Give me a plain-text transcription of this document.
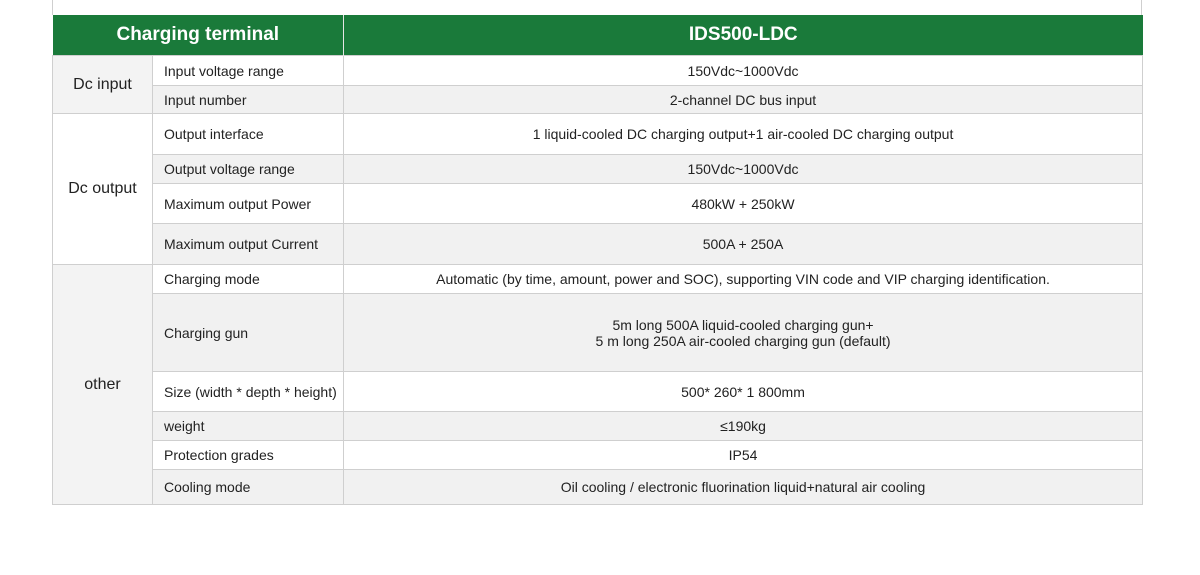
Charging terminal		IDS500-LDC
Dc input	Input voltage range	150Vdc~1000Vdc
	Input number	2-channel DC bus input
Dc output	Output interface	1 liquid-cooled DC charging output+1 air-cooled DC charging output
	Output voltage range	150Vdc~1000Vdc
	Maximum output Power	480kW + 250kW
	Maximum output Current	500A + 250A
other	Charging mode	Automatic (by time, amount, power and SOC), supporting VIN code and VIP charging identification.
	Charging gun	5m long 500A liquid-cooled charging gun+
5 m long 250A air-cooled charging gun (default)

	Size (width * depth * height)	500* 260* 1 800mm
	weight	≤190kg
	Protection grades	IP54
	Cooling mode	Oil cooling / electronic fluorination liquid+natural air cooling
